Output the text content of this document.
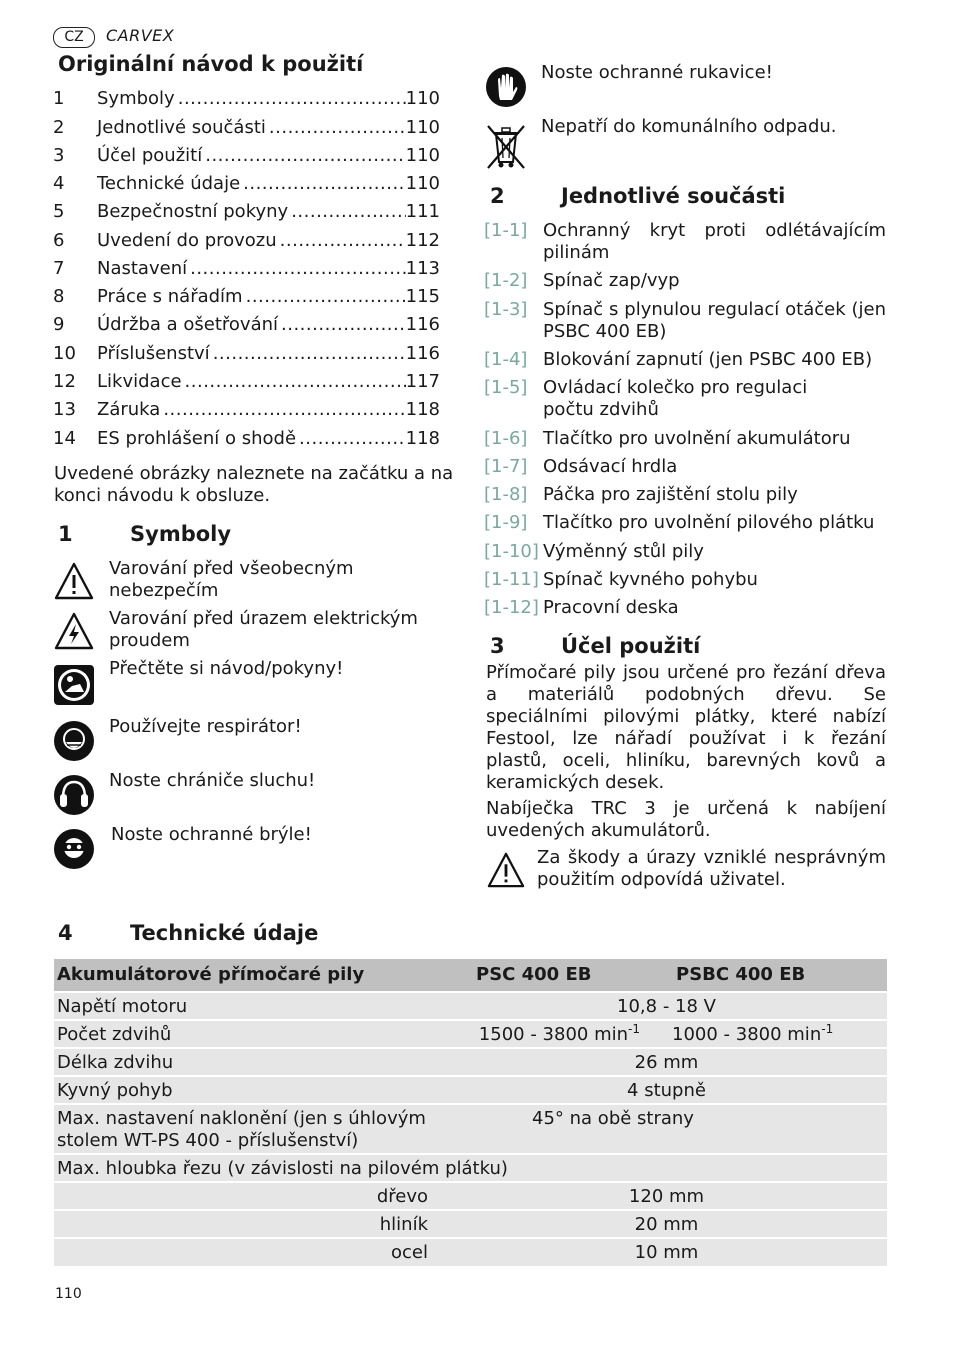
CZ	CARVEX
Originální návod k použití
1	Symboly .....	110
2	Jednotlivé součásti .....	110
3	Účel použití .....	110
4	Technické údaje .....	110
5	Bezpečnostní pokyny .....	111
6	Uvedení do provozu .....	112
7	Nastavení .....	113
8	Práce s nářadím .....	115
9	Údržba a ošetřování .....	116
10	Příslušenství .....	116
12	Likvidace .....	117
13	Záruka .....	118
14	ES prohlášení o shodě .....	118
Uvedené obrázky naleznete na začátku a na konci návodu k obsluze.
1	Symboly
Varování před všeobecným nebezpečím
Varování před úrazem elektrickým proudem
Přečtěte si návod/pokyny!
Používejte respirátor!
Noste chrániče sluchu!
Noste ochranné brýle!
Noste ochranné rukavice!
Nepatří do komunálního odpadu.
2	Jednotlivé součásti
[1-1] Ochranný kryt proti odlétávajícím pilinám
[1-2] Spínač zap/vyp
[1-3] Spínač s plynulou regulací otáček (jen PSBC 400 EB)
[1-4] Blokování zapnutí (jen PSBC 400 EB)
[1-5] Ovládací kolečko pro regulaci počtu zdvihů
[1-6] Tlačítko pro uvolnění akumulátoru
[1-7] Odsávací hrdla
[1-8] Páčka pro zajištění stolu pily
[1-9] Tlačítko pro uvolnění pilového plátku
[1-10] Výměnný stůl pily
[1-11] Spínač kyvného pohybu
[1-12] Pracovní deska
3	Účel použití
Přímočaré pily jsou určené pro řezání dřeva a materiálů podobných dřevu. Se speciálními pilovými plátky, které nabízí Festool, lze nářadí používat i k řezání plastů, oceli, hliníku, barevných kovů a keramických desek.
Nabíječka TRC 3 je určená k nabíjení uvedených akumulátorů.
Za škody a úrazy vzniklé nesprávným použitím odpovídá uživatel.
4	Technické údaje
Akumulátorové přímočaré pily	PSC 400 EB	PSBC 400 EB
Napětí motoru	10,8 - 18 V	
Počet zdvihů	1500 - 3800 $\min^{-1}$	1000 - 3800 $\min^{-1}$
Délka zdvihu	26 mm	
Kyvný pohyb	4 stupně	
Max. nastavení naklonění (jen s úhlovým stolem WT-PS 400 - příslušenství)	45° na obě strany	
Max. hloubka řezu (v závislosti na pilovém plátku)		
dřevo	120 mm	
hliník	20 mm	
ocel	10 mm	
110
